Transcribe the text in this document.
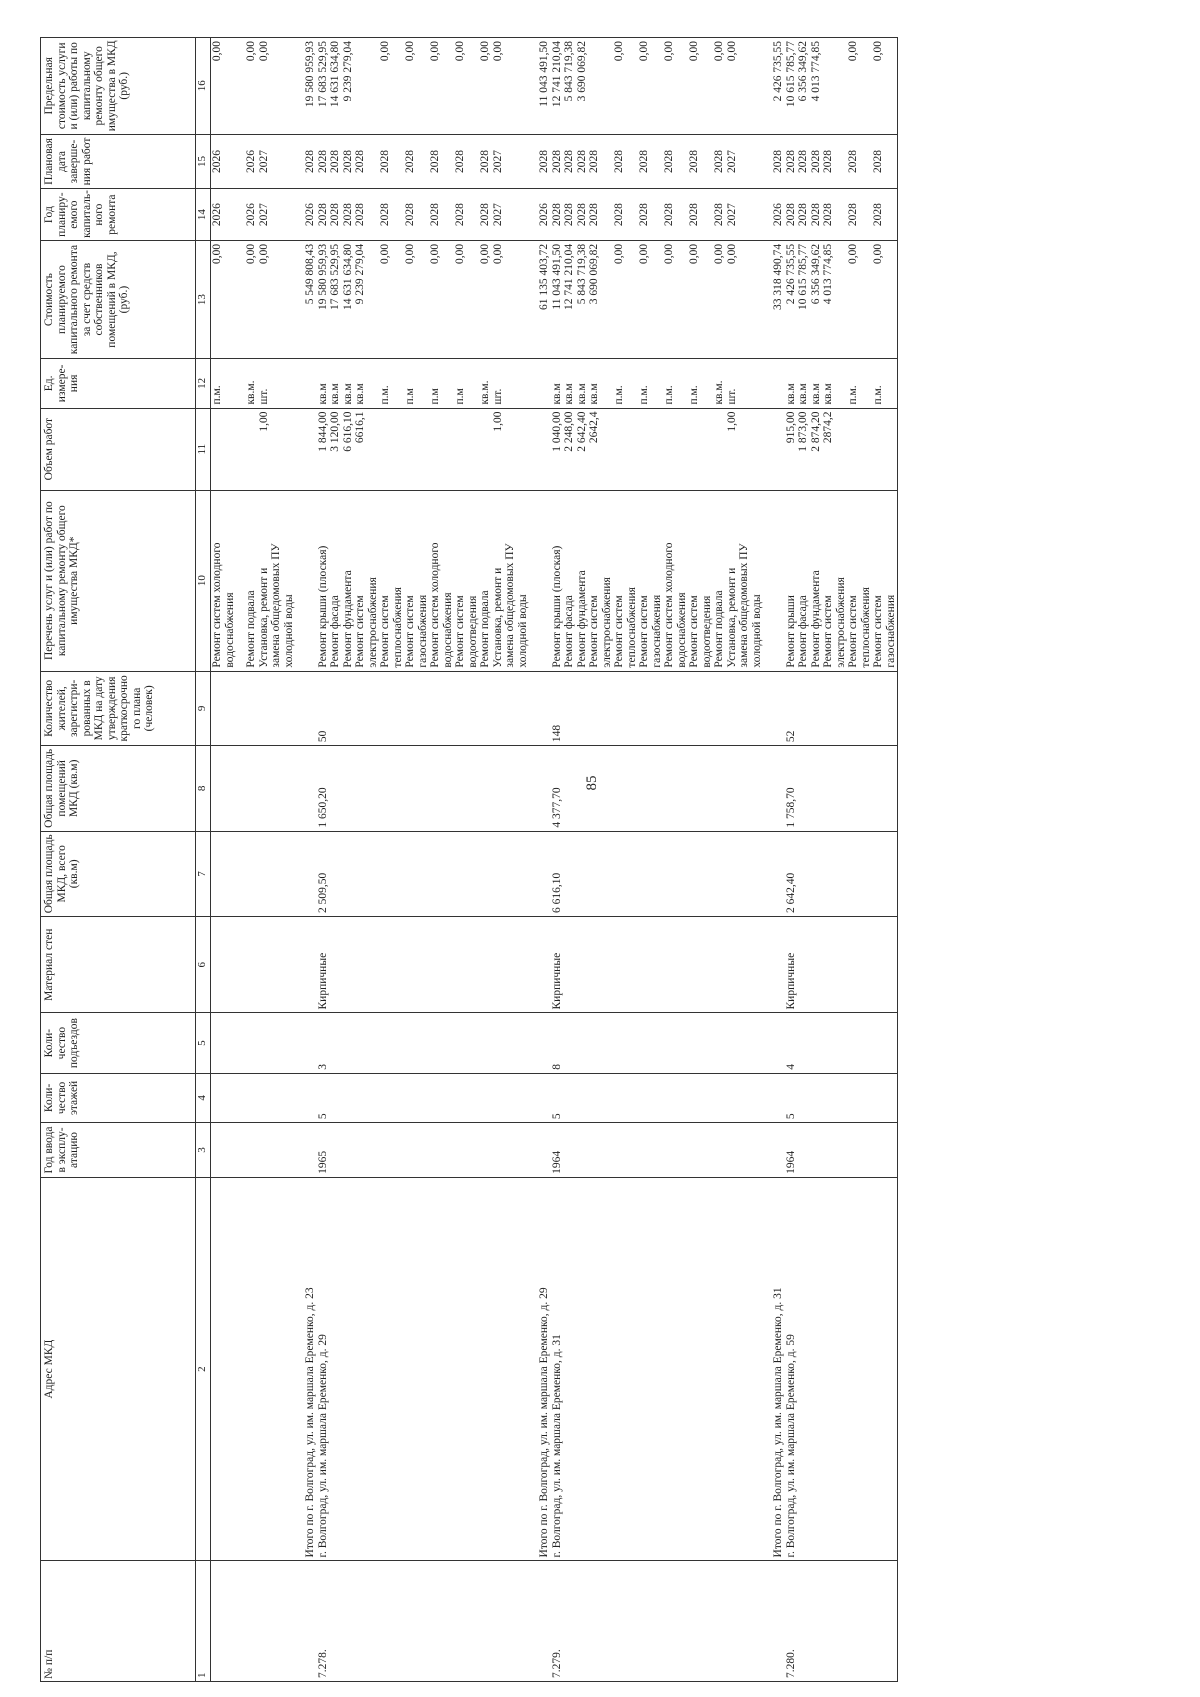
85
№ п/п	Адрес МКД	Год ввода в эксплу-атацию	Коли-чество этажей	Коли-чество подъездов	Материал стен	Общая площадь МКД, всего (кв.м)	Общая площадь помещений МКД (кв.м)	Количество жителей, зарегистри-рованных в МКД на дату утверждения краткосрочно го плана (человек)	Перечень услуг и (или) работ по капитальному ремонту общего имущества МКД*	Объем работ	Ед. измере-ния	Стоимость планируемого капитального ремонта за счет средств собственников помещений в МКД, (руб.)	Год планиру-емого капиталь-ного ремонта	Плановая дата заверше-ния работ	Предельная стоимость услуги и (или) работы по капитальному ремонту общего имущества в МКД (руб.)
1	2	3	4	5	6	7	8	9	10	11	12	13	14	15	16
									Ремонт систем холодного		п.м.	0,00	2026	2026	0,00
									водоснабжения						

									Ремонт подвала		кв.м.	0,00	2026	2026	0,00
									Установка, ремонт и	1,00	шт.	0,00	2027	2027	0,00
									замена общедомовых ПУ						
									холодной воды						

	Итого по г. Волгоград, ул. им. маршала Еременко, д. 23											5 549 808,43	2026	2028	19 580 959,93
7.278.	г. Волгоград, ул. им. маршала Еременко, д. 29	1965	5	3	Кирпичные	2 509,50	1 650,20	50	Ремонт крыши (плоская)	1 844,00	кв.м	19 580 959,93	2028	2028	17 683 529,95
									Ремонт фасада	3 120,00	кв.м	17 683 529,95	2028	2028	14 631 634,80
									Ремонт фундамента	6 616,10	кв.м	14 631 634,80	2028	2028	9 239 279,04
									Ремонт систем	6616,1	кв.м	9 239 279,04	2028	2028	
									электроснабжения						
									Ремонт систем		п.м.	0,00	2028	2028	0,00
									теплоснабжения						
									Ремонт систем		п.м	0,00	2028	2028	0,00
									газоснабжения						
									Ремонт систем холодного		п.м	0,00	2028	2028	0,00
									водоснабжения						
									Ремонт систем		п.м	0,00	2028	2028	0,00
									водоотведения						
									Ремонт подвала		кв.м.	0,00	2028	2028	0,00
									Установка, ремонт и	1,00	шт.	0,00	2027	2027	0,00
									замена общедомовых ПУ						
									холодной воды						

	Итого по г. Волгоград, ул. им. маршала Еременко, д. 29											61 135 403,72	2026	2028	11 043 491,50
7.279.	г. Волгоград, ул. им. маршала Еременко, д. 31	1964	5	8	Кирпичные	6 616,10	4 377,70	148	Ремонт крыши (плоская)	1 040,00	кв.м	11 043 491,50	2028	2028	12 741 210,04
									Ремонт фасада	2 248,00	кв.м	12 741 210,04	2028	2028	5 843 719,38
									Ремонт фундамента	2 642,40	кв.м	5 843 719,38	2028	2028	3 690 069,82
									Ремонт систем	2642,4	кв.м	3 690 069,82	2028	2028	
									электроснабжения						
									Ремонт систем		п.м.	0,00	2028	2028	0,00
									теплоснабжения						
									Ремонт систем		п.м.	0,00	2028	2028	0,00
									газоснабжения						
									Ремонт систем холодного		п.м.	0,00	2028	2028	0,00
									водоснабжения						
									Ремонт систем		п.м.	0,00	2028	2028	0,00
									водоотведения						
									Ремонт подвала		кв.м.	0,00	2028	2028	0,00
									Установка, ремонт и	1,00	шт.	0,00	2027	2027	0,00
									замена общедомовых ПУ						
									холодной воды						

	Итого по г. Волгоград, ул. им. маршала Еременко, д. 31											33 318 490,74	2026	2028	2 426 735,55
7.280.	г. Волгоград, ул. им. маршала Еременко, д. 59	1964	5	4	Кирпичные	2 642,40	1 758,70	52	Ремонт крыши	915,00	кв.м	2 426 735,55	2028	2028	10 615 785,77
									Ремонт фасада	1 873,00	кв.м	10 615 785,77	2028	2028	6 356 349,62
									Ремонт фундамента	2 874,20	кв.м	6 356 349,62	2028	2028	4 013 774,85
									Ремонт систем	2874,2	кв.м	4 013 774,85	2028	2028	
									электроснабжения						
									Ремонт систем		п.м.	0,00	2028	2028	0,00
									теплоснабжения						
									Ремонт систем		п.м.	0,00	2028	2028	0,00
									газоснабжения						
